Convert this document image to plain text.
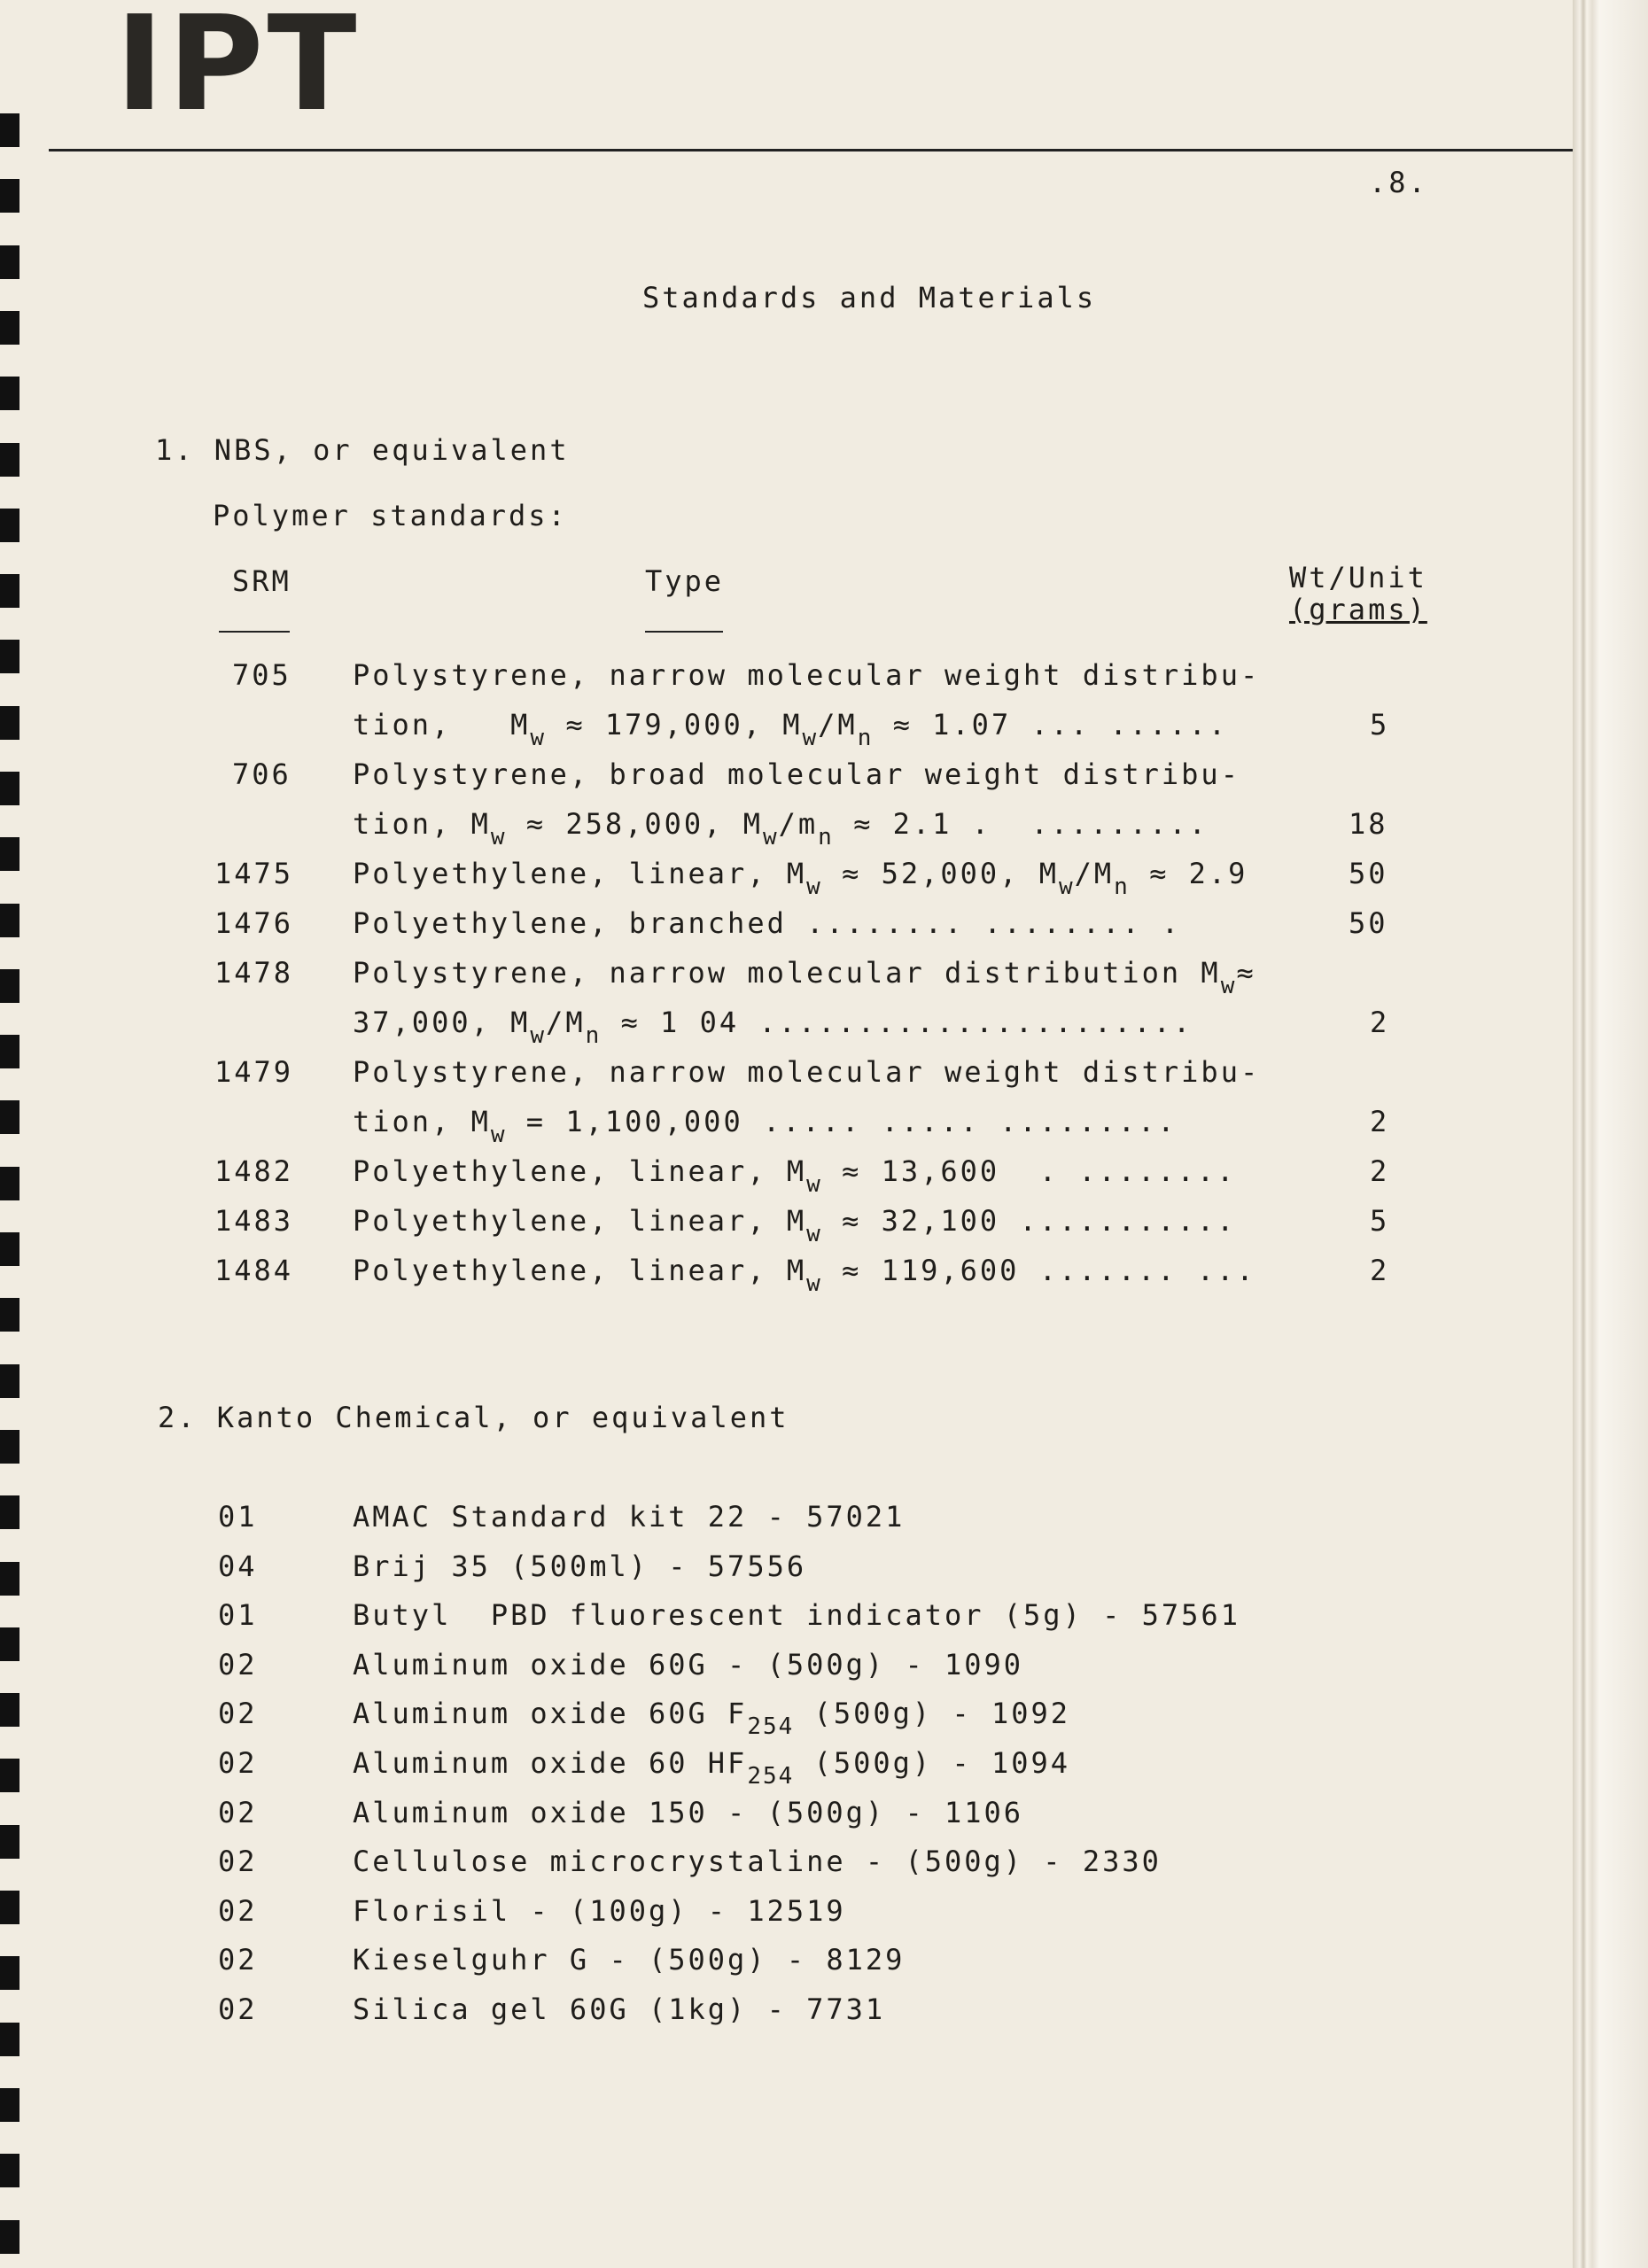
IPT
.8.
Standards and Materials
1. NBS, or equivalent
Polymer standards:
SRM	Type	Wt/Unit
(grams)
705 Polystyrene, narrow molecular weight distribu-
tion,   $M_w \approx 179,000$, $M_w/M_n \approx 1.07$ ... ......	5
706 Polystyrene, broad molecular weight distribu-
tion, $M_w \approx 258,000$, $M_w/m_n \approx 2.1$ .  .........	18
1475 Polyethylene, linear, $M_w \approx 52,000$, $M_w/M_n \approx 2.9$	50
1476 Polyethylene, branched ........ ........ .	50
1478 Polystyrene, narrow molecular distribution $M_w\approx$
37,000, $M_w/M_n \approx 1$ 04 ......................	2
1479 Polystyrene, narrow molecular weight distribu-
tion, $M_w = 1,100,000$ ..... ..... .........	2
1482 Polyethylene, linear, $M_w \approx 13,600$  . ........	2
1483 Polyethylene, linear, $M_w \approx 32,100$ ...........	5
1484 Polyethylene, linear, $M_w \approx 119,600$ ....... ...	2
2. Kanto Chemical, or equivalent
01	AMAC Standard kit 22 - 57021
04	Brij 35 (500ml) - 57556
01	Butyl  PBD fluorescent indicator (5g) - 57561
02	Aluminum oxide 60G - (500g) - 1090
02	Aluminum oxide 60G $F_{254}$ (500g) - 1092
02	Aluminum oxide 60 $HF_{254}$ (500g) - 1094
02	Aluminum oxide 150 - (500g) - 1106
02	Cellulose microcrystaline - (500g) - 2330
02	Florisil - (100g) - 12519
02	Kieselguhr G - (500g) - 8129
02	Silica gel 60G (1kg) - 7731
